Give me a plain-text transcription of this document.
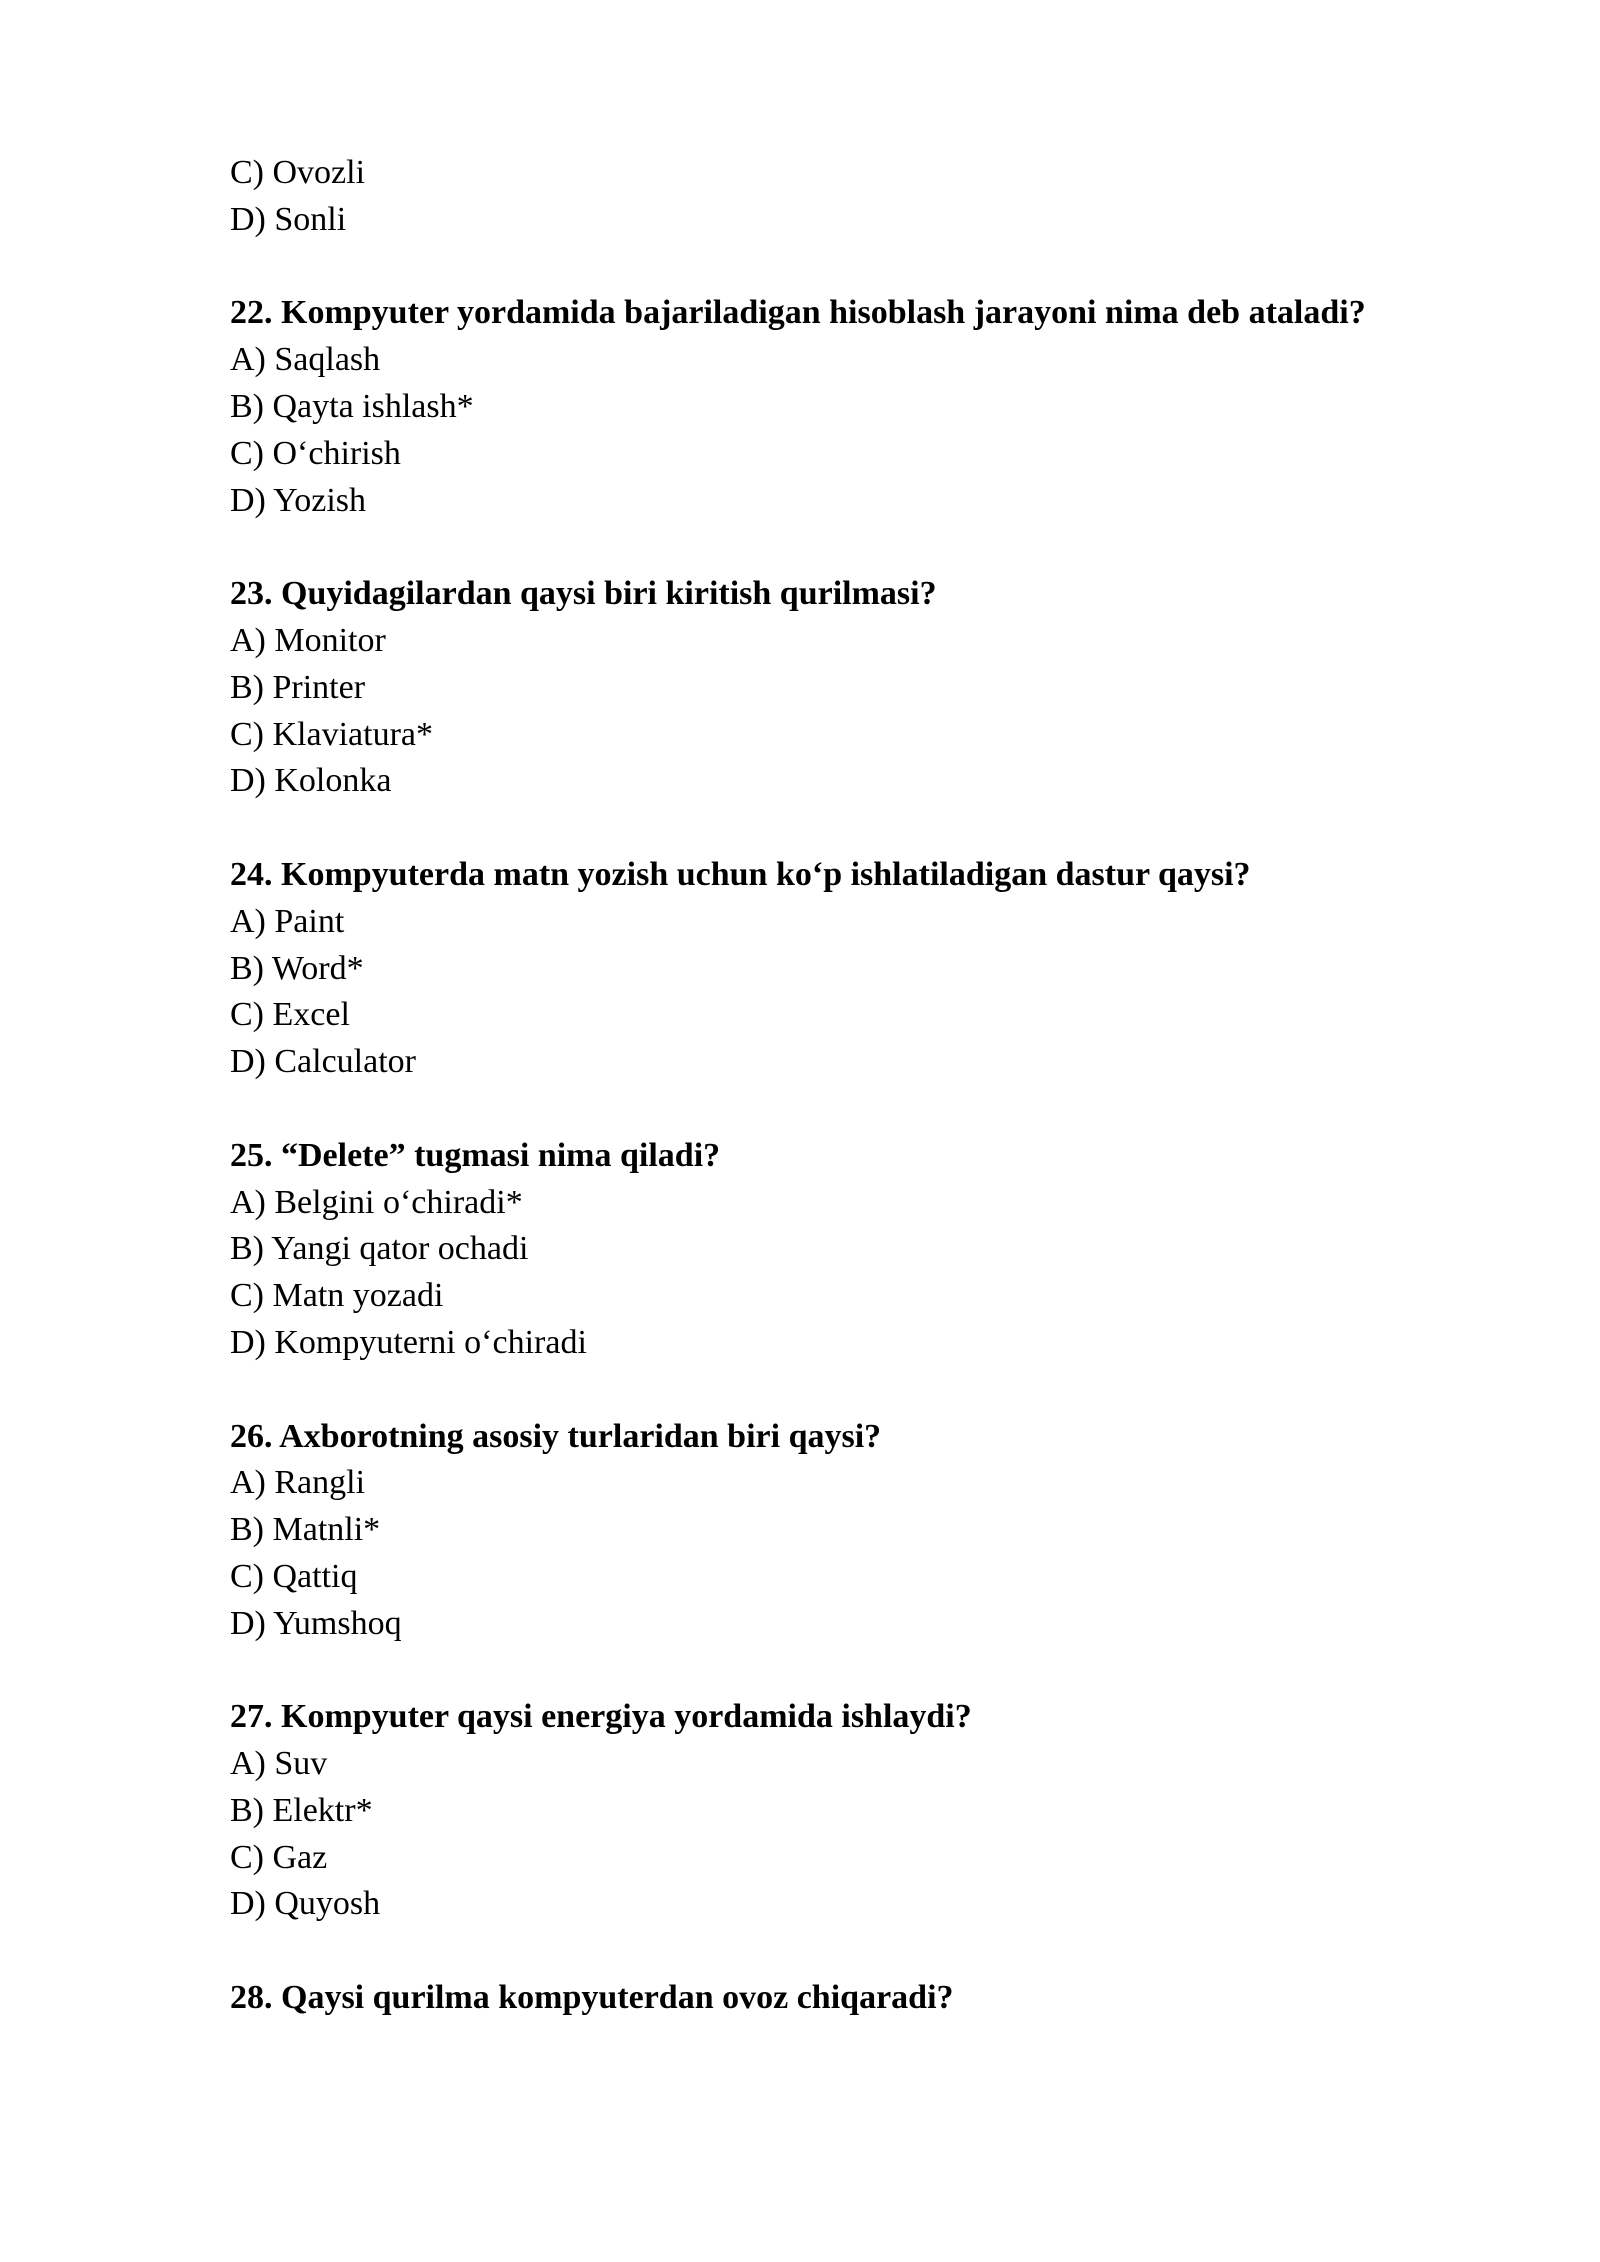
C) Ovozli
D) Sonli
22. Kompyuter yordamida bajariladigan hisoblash jarayoni nima deb ataladi?
A) Saqlash
B) Qayta ishlash*
C) O‘chirish
D) Yozish
23. Quyidagilardan qaysi biri kiritish qurilmasi?
A) Monitor
B) Printer
C) Klaviatura*
D) Kolonka
24. Kompyuterda matn yozish uchun ko‘p ishlatiladigan dastur qaysi?
A) Paint
B) Word*
C) Excel
D) Calculator
25. “Delete” tugmasi nima qiladi?
A) Belgini o‘chiradi*
B) Yangi qator ochadi
C) Matn yozadi
D) Kompyuterni o‘chiradi
26. Axborotning asosiy turlaridan biri qaysi?
A) Rangli
B) Matnli*
C) Qattiq
D) Yumshoq
27. Kompyuter qaysi energiya yordamida ishlaydi?
A) Suv
B) Elektr*
C) Gaz
D) Quyosh
28. Qaysi qurilma kompyuterdan ovoz chiqaradi?
